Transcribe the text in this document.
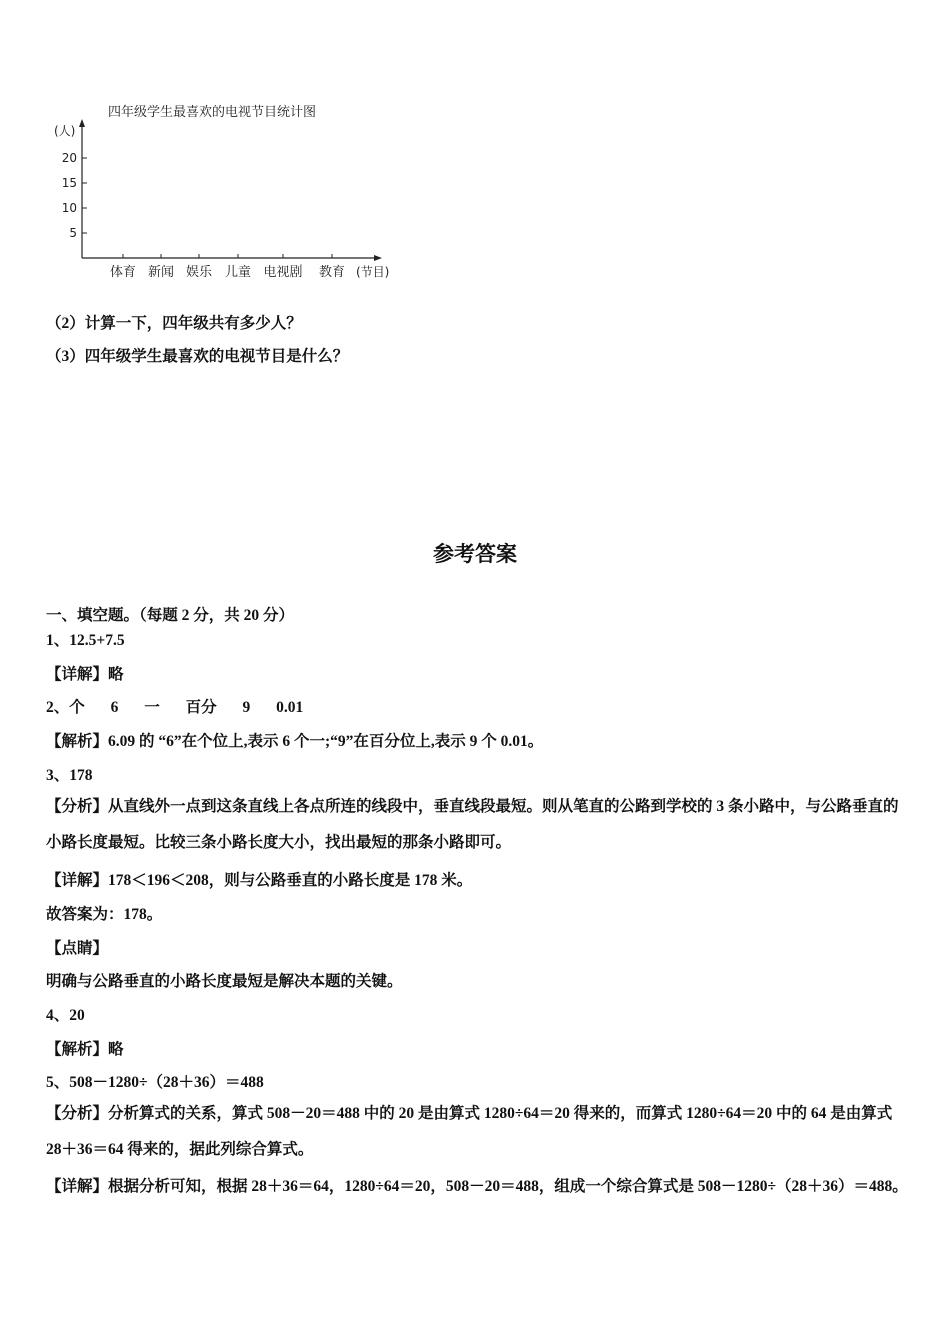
四年级学生最喜欢的电视节目统计图
(人)
5
10
15
20
体育 新闻 娱乐 儿童 电视剧 教育 (节目)
（2）计算一下，四年级共有多少人？
（3）四年级学生最喜欢的电视节目是什么？
参考答案
一、填空题。（每题 2 分，共 20 分）
1、12.5+7.5
【详解】略
2、个 6 一 百分 9 0.01
【解析】6.09 的 “6”在个位上,表示 6 个一;“9”在百分位上,表示 9 个 0.01。
3、178
【分析】从直线外一点到这条直线上各点所连的线段中，垂直线段最短。则从笔直的公路到学校的 3 条小路中，与公路垂直的小路长度最短。比较三条小路长度大小，找出最短的那条小路即可。
【详解】178＜196＜208，则与公路垂直的小路长度是 178 米。
故答案为：178。
【点睛】
明确与公路垂直的小路长度最短是解决本题的关键。
4、20
【解析】略
5、508－1280÷（28＋36）＝488
【分析】分析算式的关系，算式 508－20＝488 中的 20 是由算式 1280÷64＝20 得来的，而算式 1280÷64＝20 中的 64 是由算式 28＋36＝64 得来的，据此列综合算式。
【详解】根据分析可知，根据 28＋36＝64，1280÷64＝20，508－20＝488，组成一个综合算式是 508－1280÷（28＋36）＝488。
